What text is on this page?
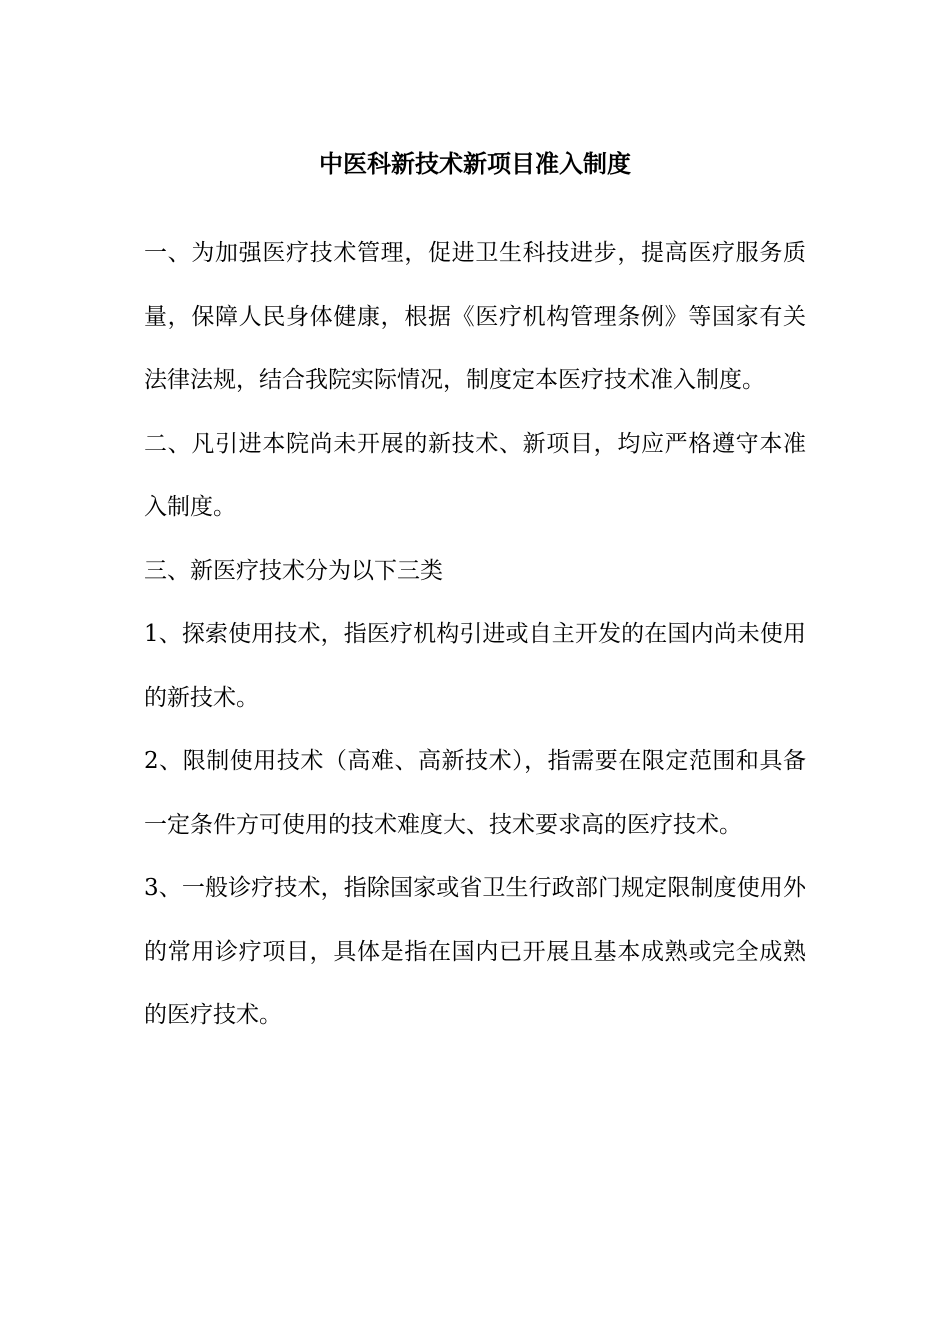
中医科新技术新项目准入制度

一、为加强医疗技术管理，促进卫生科技进步，提高医疗服务质量，保障人民身体健康，根据《医疗机构管理条例》等国家有关法律法规，结合我院实际情况，制度定本医疗技术准入制度。

二、凡引进本院尚未开展的新技术、新项目，均应严格遵守本准入制度。

三、新医疗技术分为以下三类

1、探索使用技术，指医疗机构引进或自主开发的在国内尚未使用的新技术。

2、限制使用技术（高难、高新技术），指需要在限定范围和具备一定条件方可使用的技术难度大、技术要求高的医疗技术。

3、一般诊疗技术，指除国家或省卫生行政部门规定限制度使用外的常用诊疗项目，具体是指在国内已开展且基本成熟或完全成熟的医疗技术。
